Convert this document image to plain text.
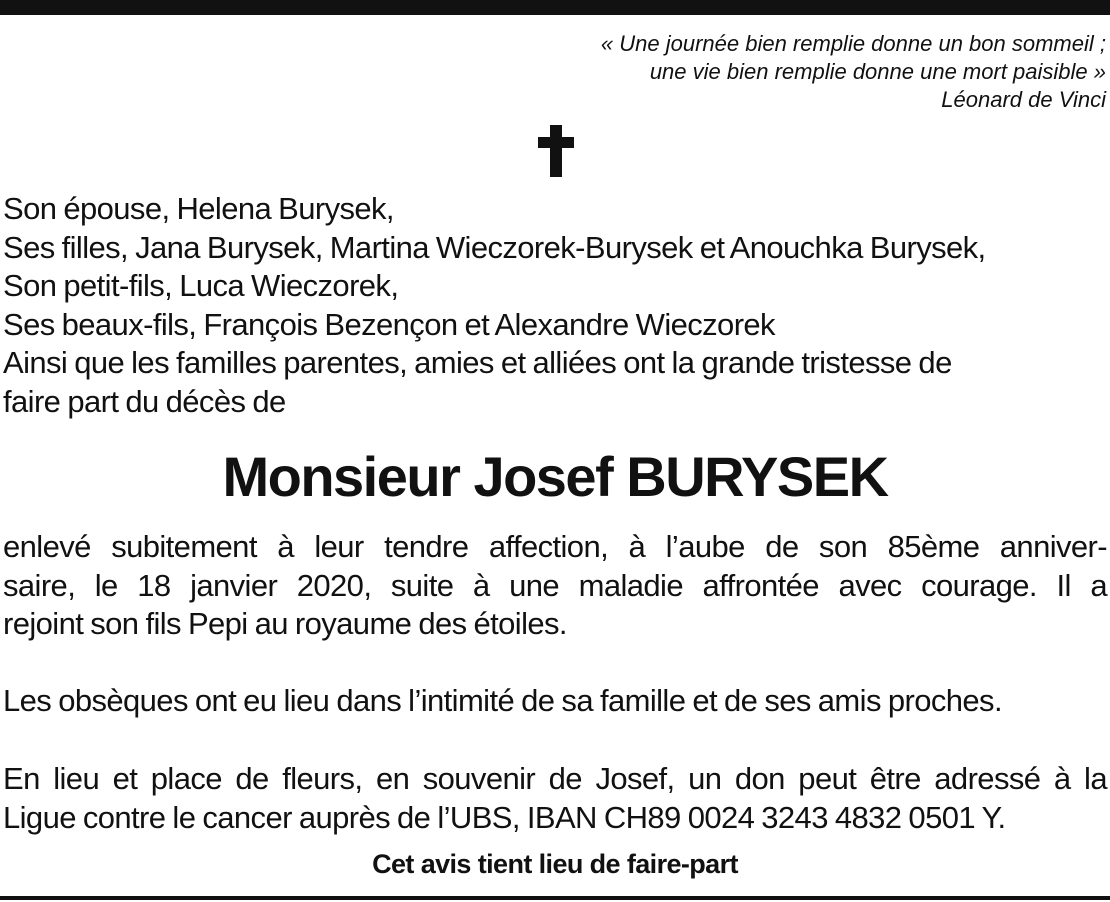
« Une journée bien remplie donne un bon sommeil ;
une vie bien remplie donne une mort paisible »
Léonard de Vinci
Son épouse, Helena Burysek,
Ses filles, Jana Burysek, Martina Wieczorek-Burysek et Anouchka Burysek,
Son petit-fils, Luca Wieczorek,
Ses beaux-fils, François Bezençon et Alexandre Wieczorek
Ainsi que les familles parentes, amies et alliées ont la grande tristesse de
faire part du décès de
Monsieur Josef BURYSEK
enlevé subitement à leur tendre affection, à l’aube de son 85ème anniver-
saire, le 18 janvier 2020, suite à une maladie affrontée avec courage. Il a
rejoint son fils Pepi au royaume des étoiles.
Les obsèques ont eu lieu dans l’intimité de sa famille et de ses amis proches.
En lieu et place de fleurs, en souvenir de Josef, un don peut être adressé à la
Ligue contre le cancer auprès de l’UBS, IBAN CH89 0024 3243 4832 0501 Y.
Cet avis tient lieu de faire-part
